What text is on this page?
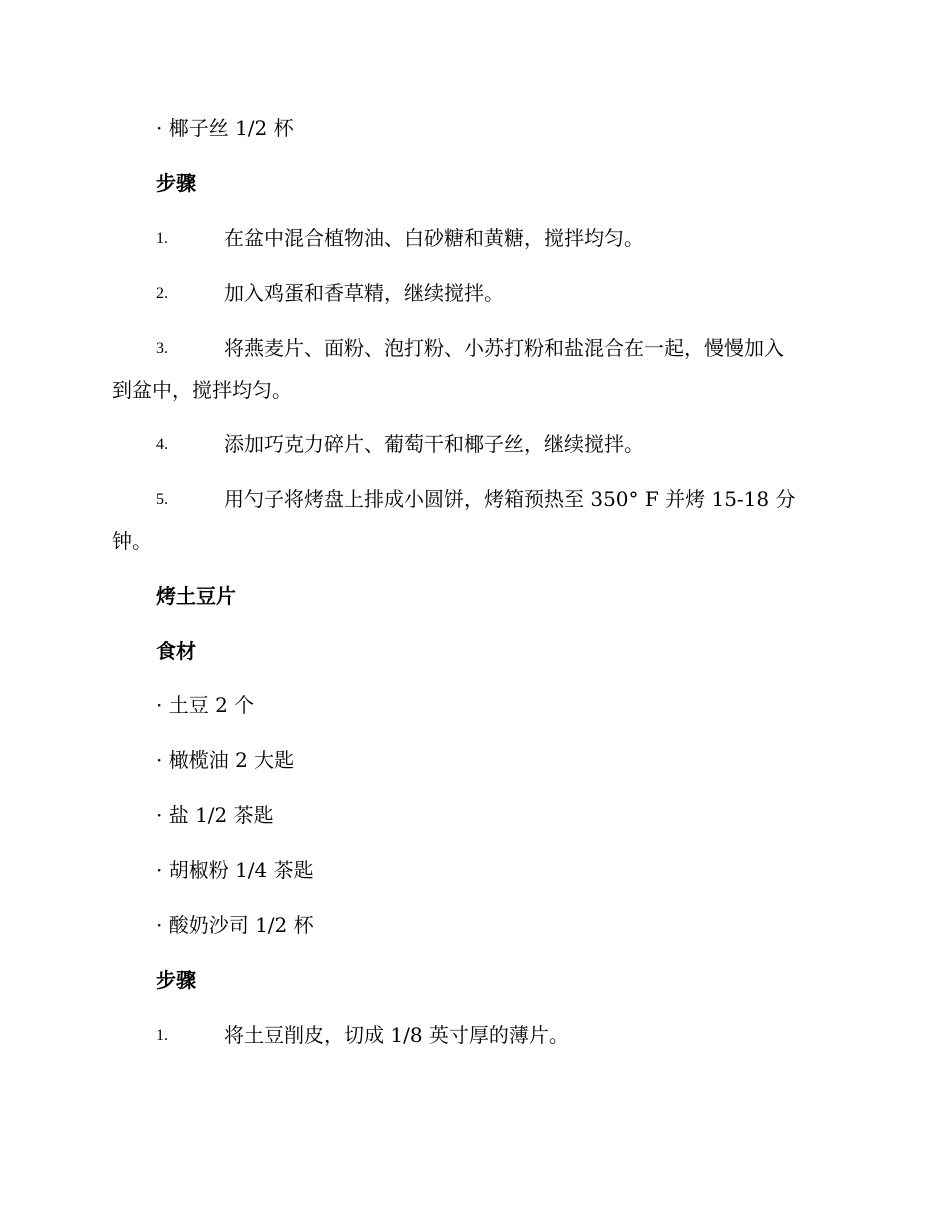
· 椰子丝 1/2 杯
步骤
1.	在盆中混合植物油、白砂糖和黄糖，搅拌均匀。
2.	加入鸡蛋和香草精，继续搅拌。
3.	将燕麦片、面粉、泡打粉、小苏打粉和盐混合在一起，慢慢加入
到盆中，搅拌均匀。
4.	添加巧克力碎片、葡萄干和椰子丝，继续搅拌。
5.	用勺子将烤盘上排成小圆饼，烤箱预热至 350° F 并烤 15-18 分
钟。
烤土豆片
食材
· 土豆 2 个
· 橄榄油 2 大匙
· 盐 1/2 茶匙
· 胡椒粉 1/4 茶匙
· 酸奶沙司 1/2 杯
步骤
1.	将土豆削皮，切成 1/8 英寸厚的薄片。
